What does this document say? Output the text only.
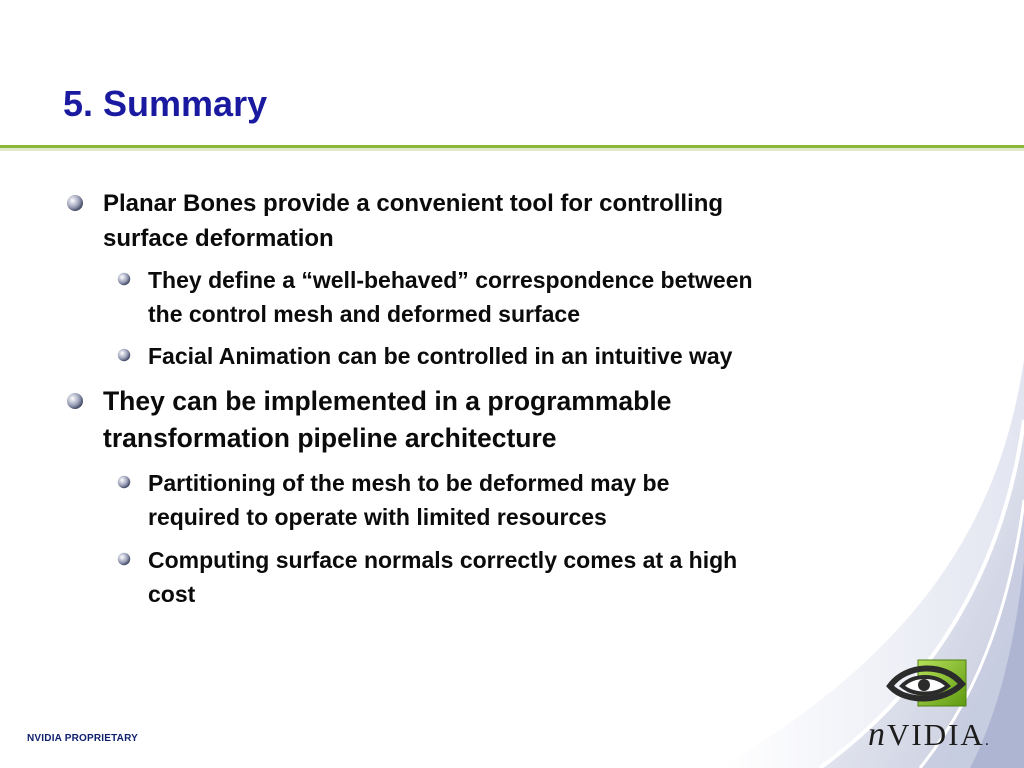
5. Summary
Planar Bones provide a convenient tool for controlling
surface deformation
They define a “well-behaved” correspondence between
the control mesh and deformed surface
Facial Animation can be controlled in an intuitive way
They can be implemented in a programmable
transformation pipeline architecture
Partitioning of the mesh to be deformed may be
required to operate with limited resources
Computing surface normals correctly comes at a high
cost
NVIDIA PROPRIETARY	nVIDIA.
